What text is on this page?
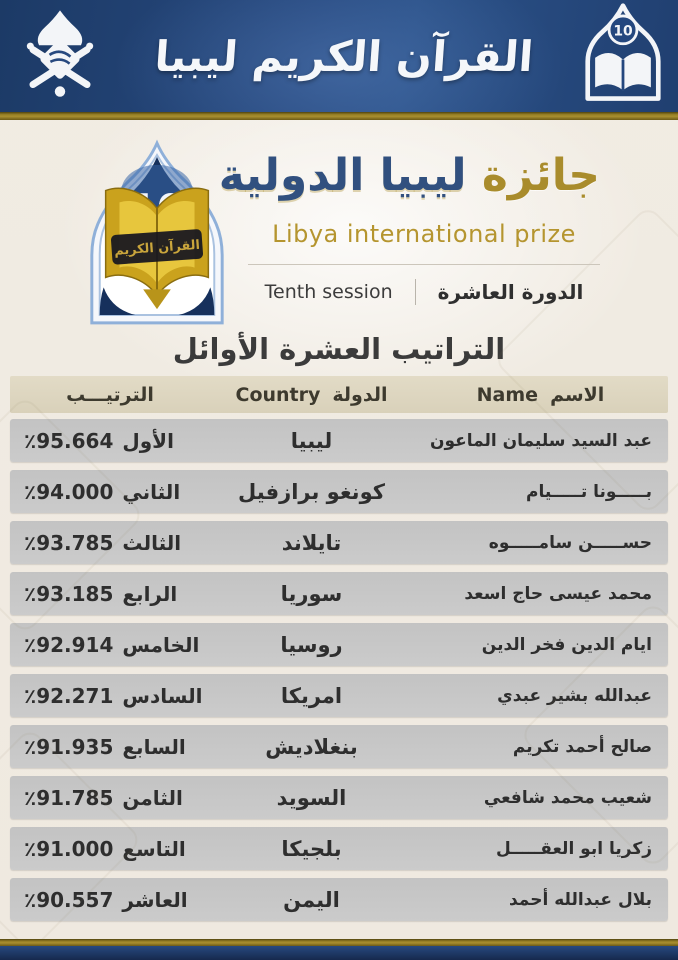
القرآن الكريم ليبيا
10
القرآن الكريم
جائزة ليبيا الدولية
Libya international prize
Tenth session الدورة العاشرة
التراتيب العشرة الأوائل
الترتيـــب	Country الدولة	Name الاسم
٪95.664 الأول	ليبيا	عبد السيد سليمان الماعون
٪94.000 الثاني	كونغو برازفيل	بـــــونا تـــــيام
٪93.785 الثالث	تايلاند	حســـــن سامـــــوه
٪93.185 الرابع	سوريا	محمد عيسى حاج اسعد
٪92.914 الخامس	روسيا	ايام الدين فخر الدين
٪92.271 السادس	امريكا	عبدالله بشير عبدي
٪91.935 السابع	بنغلاديش	صالح أحمد تكريم
٪91.785 الثامن	السويد	شعيب محمد شافعي
٪91.000 التاسع	بلجيكا	زكريا ابو العقـــــل
٪90.557 العاشر	اليمن	بلال عبدالله أحمد
